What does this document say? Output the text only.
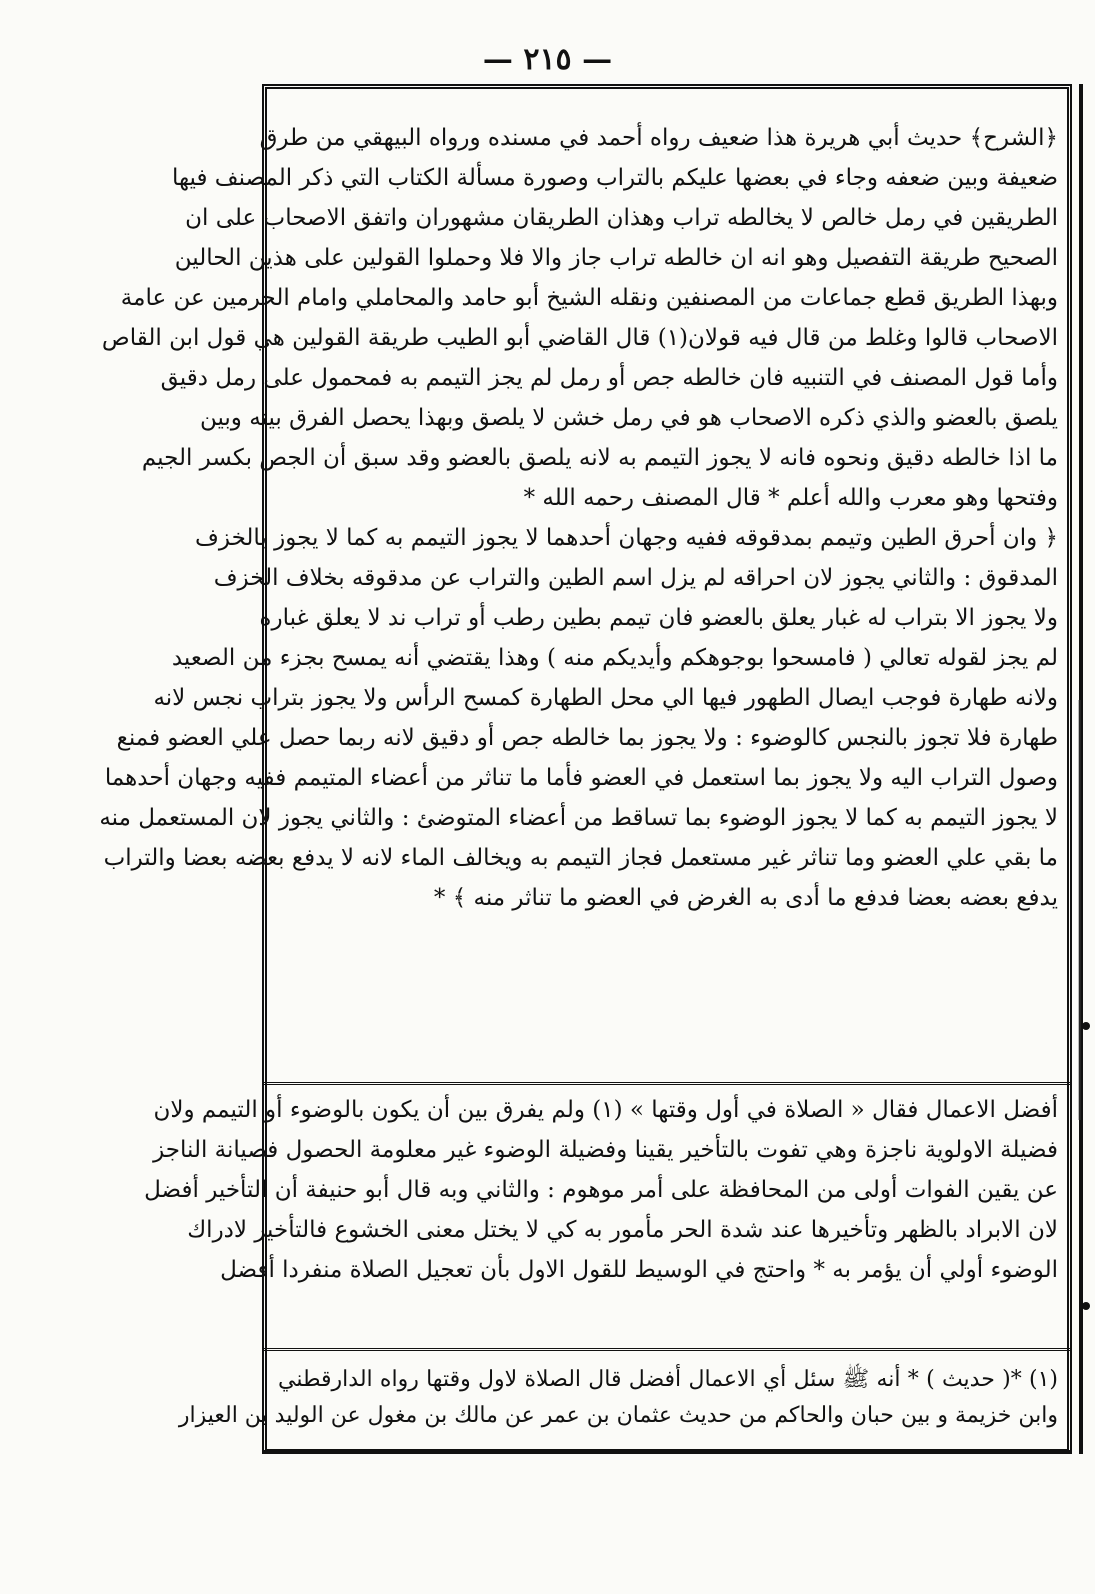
— ٢١٥ —
﴿الشرح﴾ حديث أبي هريرة هذا ضعيف رواه أحمد في مسنده ورواه البيهقي من طرق
ضعيفة وبين ضعفه وجاء في بعضها عليكم بالتراب وصورة مسألة الكتاب التي ذكر المصنف فيها
الطريقين في رمل خالص لا يخالطه تراب وهذان الطريقان مشهوران واتفق الاصحاب على ان
الصحيح طريقة التفصيل وهو انه ان خالطه تراب جاز والا فلا وحملوا القولين على هذين الحالين
وبهذا الطريق قطع جماعات من المصنفين ونقله الشيخ أبو حامد والمحاملي وامام الحرمين عن عامة
الاصحاب قالوا وغلط من قال فيه قولان(١) قال القاضي أبو الطيب طريقة القولين هي قول ابن القاص
وأما قول المصنف في التنبيه فان خالطه جص أو رمل لم يجز التيمم به فمحمول على رمل دقيق
يلصق بالعضو والذي ذكره الاصحاب هو في رمل خشن لا يلصق وبهذا يحصل الفرق بينه وبين
ما اذا خالطه دقيق ونحوه فانه لا يجوز التيمم به لانه يلصق بالعضو وقد سبق أن الجص بكسر الجيم
وفتحها وهو معرب والله أعلم * قال المصنف رحمه الله *
﴿ وان أحرق الطين وتيمم بمدقوقه ففيه وجهان أحدهما لا يجوز التيمم به كما لا يجوز بالخزف
المدقوق : والثاني يجوز لان احراقه لم يزل اسم الطين والتراب عن مدقوقه بخلاف الخزف
ولا يجوز الا بتراب له غبار يعلق بالعضو فان تيمم بطين رطب أو تراب ند لا يعلق غباره
لم يجز لقوله تعالي ( فامسحوا بوجوهكم وأيديكم منه ) وهذا يقتضي أنه يمسح بجزء من الصعيد
ولانه طهارة فوجب ايصال الطهور فيها الي محل الطهارة كمسح الرأس ولا يجوز بتراب نجس لانه
طهارة فلا تجوز بالنجس كالوضوء : ولا يجوز بما خالطه جص أو دقيق لانه ربما حصل علي العضو فمنع
وصول التراب اليه ولا يجوز بما استعمل في العضو فأما ما تناثر من أعضاء المتيمم ففيه وجهان أحدهما
لا يجوز التيمم به كما لا يجوز الوضوء بما تساقط من أعضاء المتوضئ : والثاني يجوز لان المستعمل منه
ما بقي علي العضو وما تناثر غير مستعمل فجاز التيمم به ويخالف الماء لانه لا يدفع بعضه بعضا والتراب
يدفع بعضه بعضا فدفع ما أدى به الغرض في العضو ما تناثر منه ﴾ *
أفضل الاعمال فقال « الصلاة في أول وقتها » (١) ولم يفرق بين أن يكون بالوضوء أو التيمم ولان
فضيلة الاولوية ناجزة وهي تفوت بالتأخير يقينا وفضيلة الوضوء غير معلومة الحصول فصيانة الناجز
عن يقين الفوات أولى من المحافظة على أمر موهوم : والثاني وبه قال أبو حنيفة أن التأخير أفضل
لان الابراد بالظهر وتأخيرها عند شدة الحر مأمور به كي لا يختل معنى الخشوع فالتأخير لادراك
الوضوء أولي أن يؤمر به * واحتج في الوسيط للقول الاول بأن تعجيل الصلاة منفردا أفضل
(١) *( حديث ) * أنه ﷺ سئل أي الاعمال أفضل قال الصلاة لاول وقتها رواه الدارقطني
وابن خزيمة و بين حبان والحاكم من حديث عثمان بن عمر عن مالك بن مغول عن الوليد بن العيزار
